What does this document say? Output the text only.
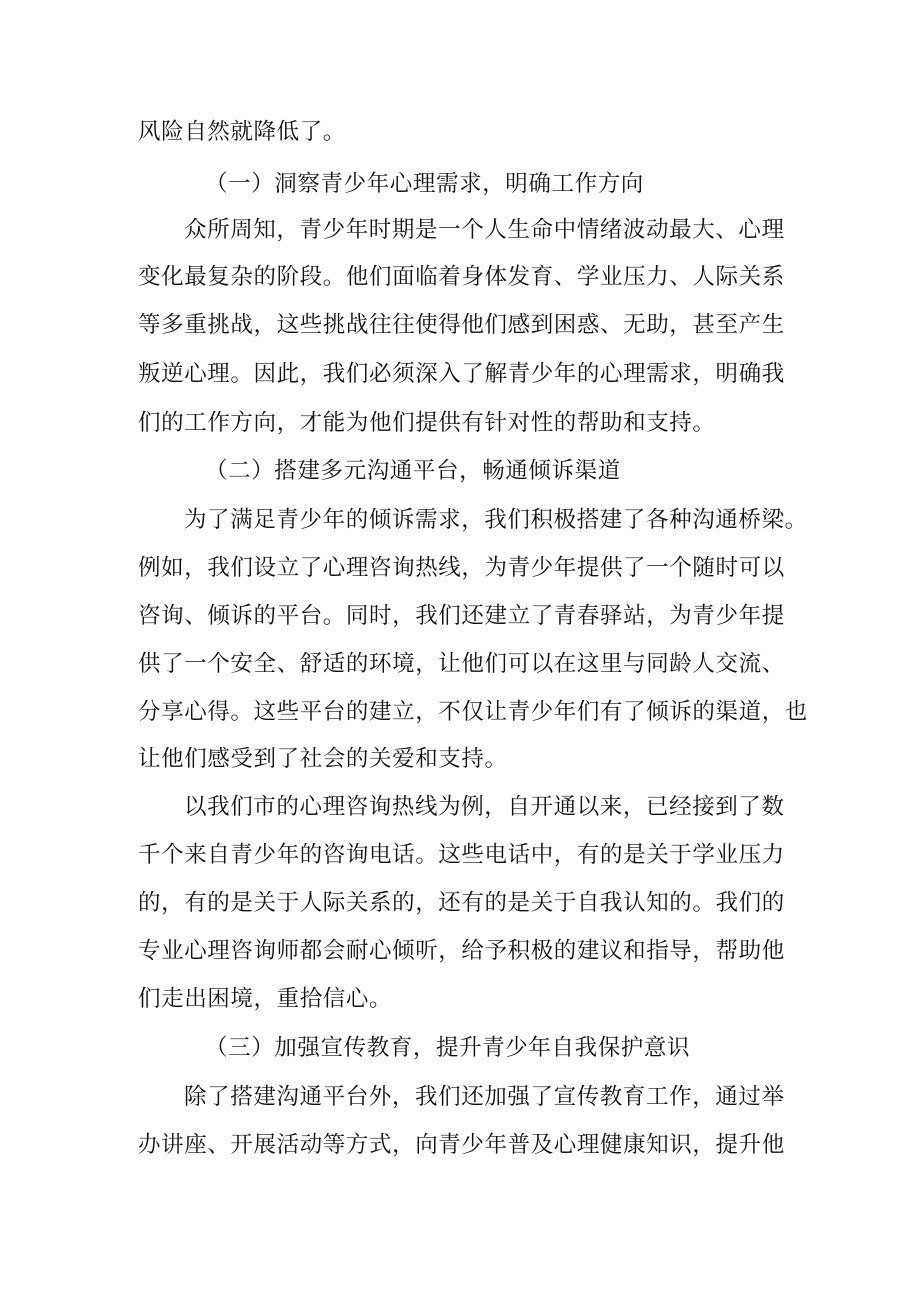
风险自然就降低了。
（一）洞察青少年心理需求，明确工作方向
众所周知，青少年时期是一个人生命中情绪波动最大、心理
变化最复杂的阶段。他们面临着身体发育、学业压力、人际关系
等多重挑战，这些挑战往往使得他们感到困惑、无助，甚至产生
叛逆心理。因此，我们必须深入了解青少年的心理需求，明确我
们的工作方向，才能为他们提供有针对性的帮助和支持。
（二）搭建多元沟通平台，畅通倾诉渠道
为了满足青少年的倾诉需求，我们积极搭建了各种沟通桥梁。
例如，我们设立了心理咨询热线，为青少年提供了一个随时可以
咨询、倾诉的平台。同时，我们还建立了青春驿站，为青少年提
供了一个安全、舒适的环境，让他们可以在这里与同龄人交流、
分享心得。这些平台的建立，不仅让青少年们有了倾诉的渠道，也
让他们感受到了社会的关爱和支持。
以我们市的心理咨询热线为例，自开通以来，已经接到了数
千个来自青少年的咨询电话。这些电话中，有的是关于学业压力
的，有的是关于人际关系的，还有的是关于自我认知的。我们的
专业心理咨询师都会耐心倾听，给予积极的建议和指导，帮助他
们走出困境，重拾信心。
（三）加强宣传教育，提升青少年自我保护意识
除了搭建沟通平台外，我们还加强了宣传教育工作，通过举
办讲座、开展活动等方式，向青少年普及心理健康知识，提升他
